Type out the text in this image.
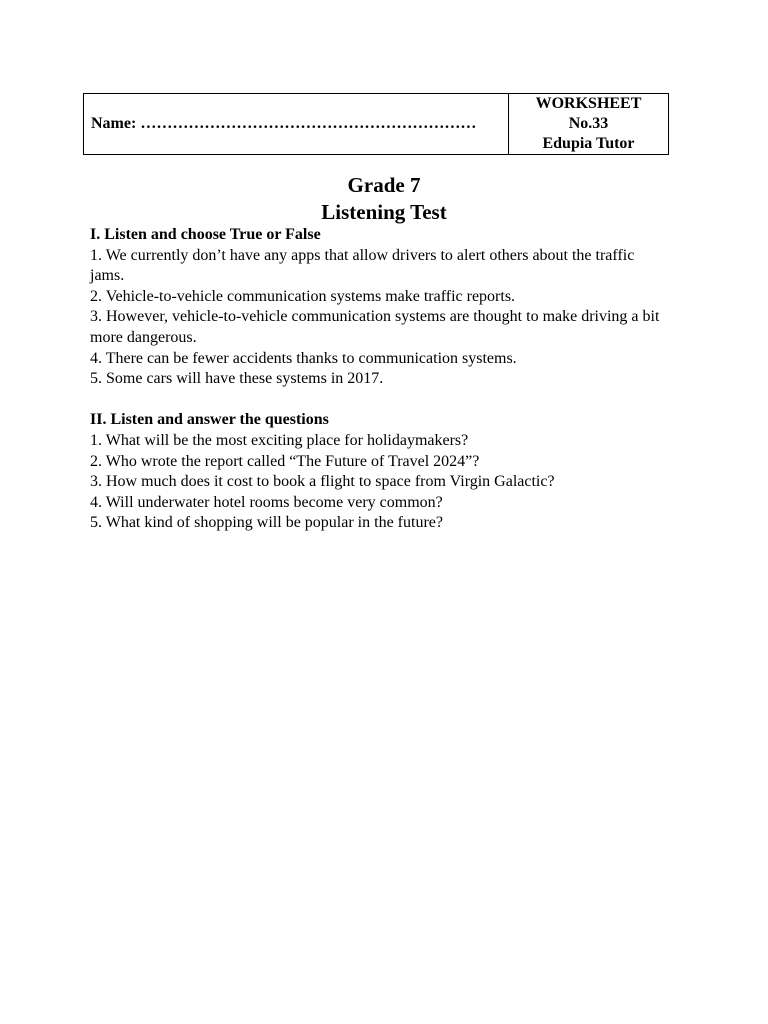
Name: ………………………………………………………	
WORKSHEET
No.33
Edupia Tutor
Grade 7
Listening Test
I. Listen and choose True or False
1. We currently don’t have any apps that allow drivers to alert others about the traffic jams.
2. Vehicle-to-vehicle communication systems make traffic reports.
3. However, vehicle-to-vehicle communication systems are thought to make driving a bit more dangerous.
4. There can be fewer accidents thanks to communication systems.
5. Some cars will have these systems in 2017.
II. Listen and answer the questions
1. What will be the most exciting place for holidaymakers?
2. Who wrote the report called “The Future of Travel 2024”?
3. How much does it cost to book a flight to space from Virgin Galactic?
4. Will underwater hotel rooms become very common?
5. What kind of shopping will be popular in the future?
